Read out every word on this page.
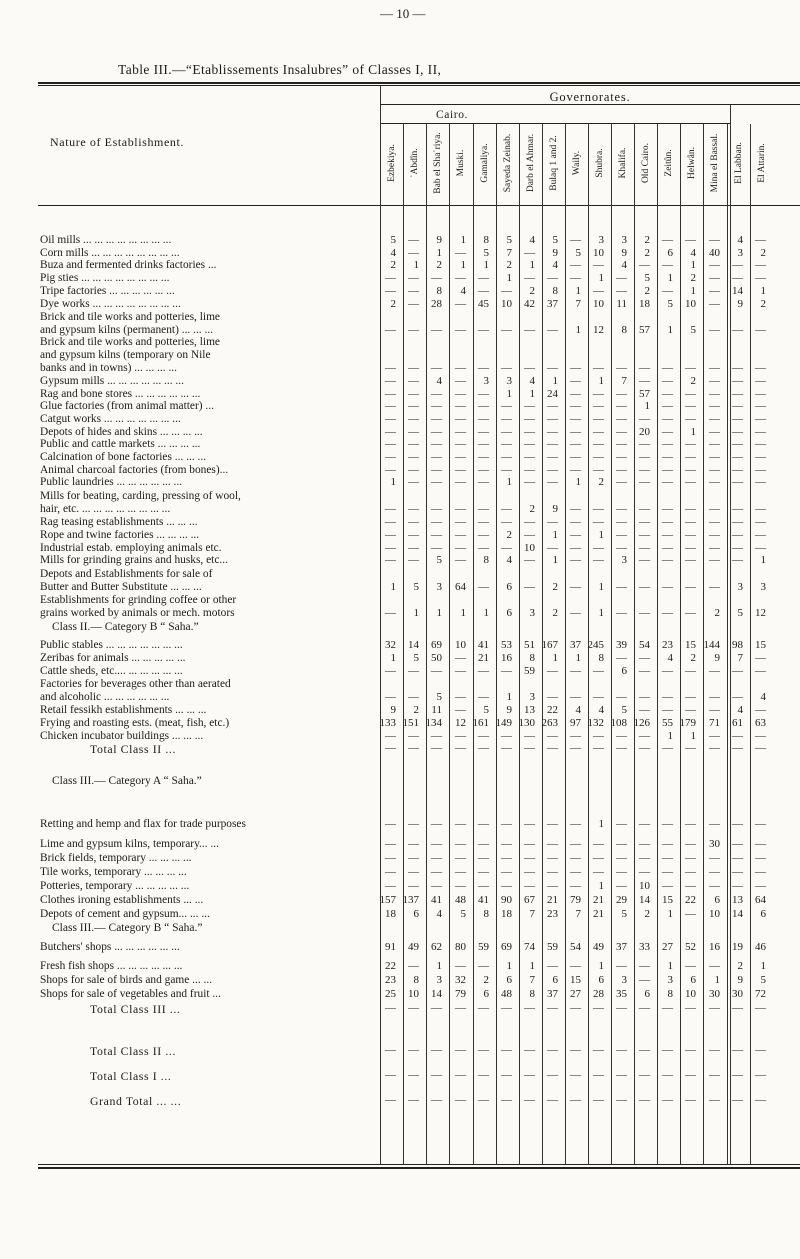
— 10 —
Table III.—“Etablissements Insalubres” of Classes I, II,
Nature of Establishment.
Governorates.
Cairo.
Ezbekiya. ʿAbdîn. Bab el Shaʿriya. Muski. Gamaliya. Sayeda Zeinab. Darb el Ahmar. Bulaq 1 and 2. Waily. Shubra. Khalifa. Old Cairo. Zeitûn. Helwân. Mina el Bassal. El Labban. El Attarin.
Oil mills ... ... ... ... ... ... ... ...	5	—	9	1	8	5	4	5	—	3	3	2	—	—	—	4	—
Corn mills ... ... ... ... ... ... ... ...	4	—	1	—	5	7	—	9	5	10	9	2	6	4	40	3	2
Buza and fermented drinks factories ...	2	1	2	1	1	2	1	4	—	—	4	—	—	1	—	—	—
Pig sties ... ... ... ... ... ... ... ...	—	—	—	—	—	1	—	—	—	1	—	5	1	2	—	—	—
Tripe factories ... ... ... ... ... ...	—	—	8	4	—	—	2	8	1	—	—	2	—	1	—	14	1
Dye works ... ... ... ... ... ... ... ...	2	—	28	—	45	10	42	37	7	10	11	18	5	10	—	9	2
Brick and tile works and potteries, lime
and gypsum kilns (permanent) ... ... ...	—	—	—	—	—	—	—	—	1	12	8	57	1	5	—	—	—
Brick and tile works and potteries, lime
and gypsum kilns (temporary on Nile
banks and in towns) ... ... ... ...	—	—	—	—	—	—	—	—	—	—	—	—	—	—	—	—	—
Gypsum mills ... ... ... ... ... ... ...	—	—	4	—	3	3	4	1	—	1	7	—	—	2	—	—	—
Rag and bone stores ... ... ... ... ... ...	—	—	—	—	—	1	1	24	—	—	—	57	—	—	—	—	—
Glue factories (from animal matter) ...	—	—	—	—	—	—	—	—	—	—	—	1	—	—	—	—	—
Catgut works ... ... ... ... ... ... ...	—	—	—	—	—	—	—	—	—	—	—	—	—	—	—	—	—
Depots of hides and skins ... ... ... ...	—	—	—	—	—	—	—	—	—	—	—	20	—	1	—	—	—
Public and cattle markets ... ... ... ...	—	—	—	—	—	—	—	—	—	—	—	—	—	—	—	—	—
Calcination of bone factories ... ... ...	—	—	—	—	—	—	—	—	—	—	—	—	—	—	—	—	—
Animal charcoal factories (from bones)...	—	—	—	—	—	—	—	—	—	—	—	—	—	—	—	—	—
Public laundries ... ... ... ... ... ...	1	—	—	—	—	1	—	—	1	2	—	—	—	—	—	—	—
Mills for beating, carding, pressing of wool,
hair, etc. ... ... ... ... ... ... ... ...	—	—	—	—	—	—	2	9	—	—	—	—	—	—	—	—	—
Rag teasing establishments ... ... ...	—	—	—	—	—	—	—	—	—	—	—	—	—	—	—	—	—
Rope and twine factories ... ... ... ...	—	—	—	—	—	2	—	1	—	1	—	—	—	—	—	—	—
Industrial estab. employing animals etc.	—	—	—	—	—	—	10	—	—	—	—	—	—	—	—	—	—
Mills for grinding grains and husks, etc...	—	—	5	—	8	4	—	1	—	—	3	—	—	—	—	—	1
Depots and Establishments for sale of
Butter and Butter Substitute ... ... ...	1	5	3	64	—	6	—	2	—	1	—	—	—	—	—	3	3
Establishments for grinding coffee or other
grains worked by animals or mech. motors	—	1	1	1	1	6	3	2	—	1	—	—	—	—	2	5	12
Class II.— Category B “ Saha.”
Public stables ... ... ... ... ... ... ...	32	14	69	10	41	53	51 167	37 245	39	54	23	15 144	98	15
Zeribas for animals ... ... ... ... ...	1	5	50	—	21	16	8	1	1	8	—	—	4	2	9	7	—
Cattle sheds, etc.... ... ... ... ... ...	—	—	—	—	—	—	59	—	—	—	6	—	—	—	—	—	—
Factories for beverages other than aerated
and alcoholic ... ... ... ... ... ...	—	—	5	—	—	1	3	—	—	—	—	—	—	—	—	—	4
Retail fessikh establishments ... ... ...	9	2	11	—	5	9	13	22	4	4	5	—	—	—	—	4	—
Frying and roasting ests. (meat, fish, etc.)	133 151 134	12 161 149 130 263	97 132 108 126	55 179	71	61	63
Chicken incubator buildings ... ... ...	—	—	—	—	—	—	—	—	—	—	—	—	1	1	—	—	—
Total Class II ...	—	—	—	—	—	—	—	—	—	—	—	—	—	—	—	—	—
Class III.— Category A “ Saha.”
Retting and hemp and flax for trade purposes	—	—	—	—	—	—	—	—	—	1	—	—	—	—	—	—	—
Lime and gypsum kilns, temporary... ...	—	—	—	—	—	—	—	—	—	—	—	—	—	—	30	—	—
Brick fields, temporary ... ... ... ...	—	—	—	—	—	—	—	—	—	—	—	—	—	—	—	—	—
Tile works, temporary ... ... ... ...	—	—	—	—	—	—	—	—	—	—	—	—	—	—	—	—	—
Potteries, temporary ... ... ... ... ...	—	—	—	—	—	—	—	—	—	1	—	10	—	—	—	—	—
Clothes ironing establishments ... ...	157 137	41	48	41	90	67	21	79	21	29	14	15	22	6	13	64
Depots of cement and gypsum... ... ...	18	6	4	5	8	18	7	23	7	21	5	2	1	—	10	14	6
Class III.— Category B “ Saha.”
Butchers' shops ... ... ... ... ... ...	91	49	62	80	59	69	74	59	54	49	37	33	27	52	16	19	46
Fresh fish shops ... ... ... ... ... ...	22	—	1	—	—	1	1	—	—	1	—	—	1	—	—	2	1
Shops for sale of birds and game ... ...	23	8	3	32	2	6	7	6	15	6	3	—	3	6	1	9	5
Shops for sale of vegetables and fruit ...	25	10	14	79	6	48	8	37	27	28	35	6	8	10	30	30	72
Total Class III ...	—	—	—	—	—	—	—	—	—	—	—	—	—	—	—	—	—
Total Class II ...	—	—	—	—	—	—	—	—	—	—	—	—	—	—	—	—	—
Total Class I ...	—	—	—	—	—	—	—	—	—	—	—	—	—	—	—	—	—
Grand Total ... ...	—	—	—	—	—	—	—	—	—	—	—	—	—	—	—	—	—
